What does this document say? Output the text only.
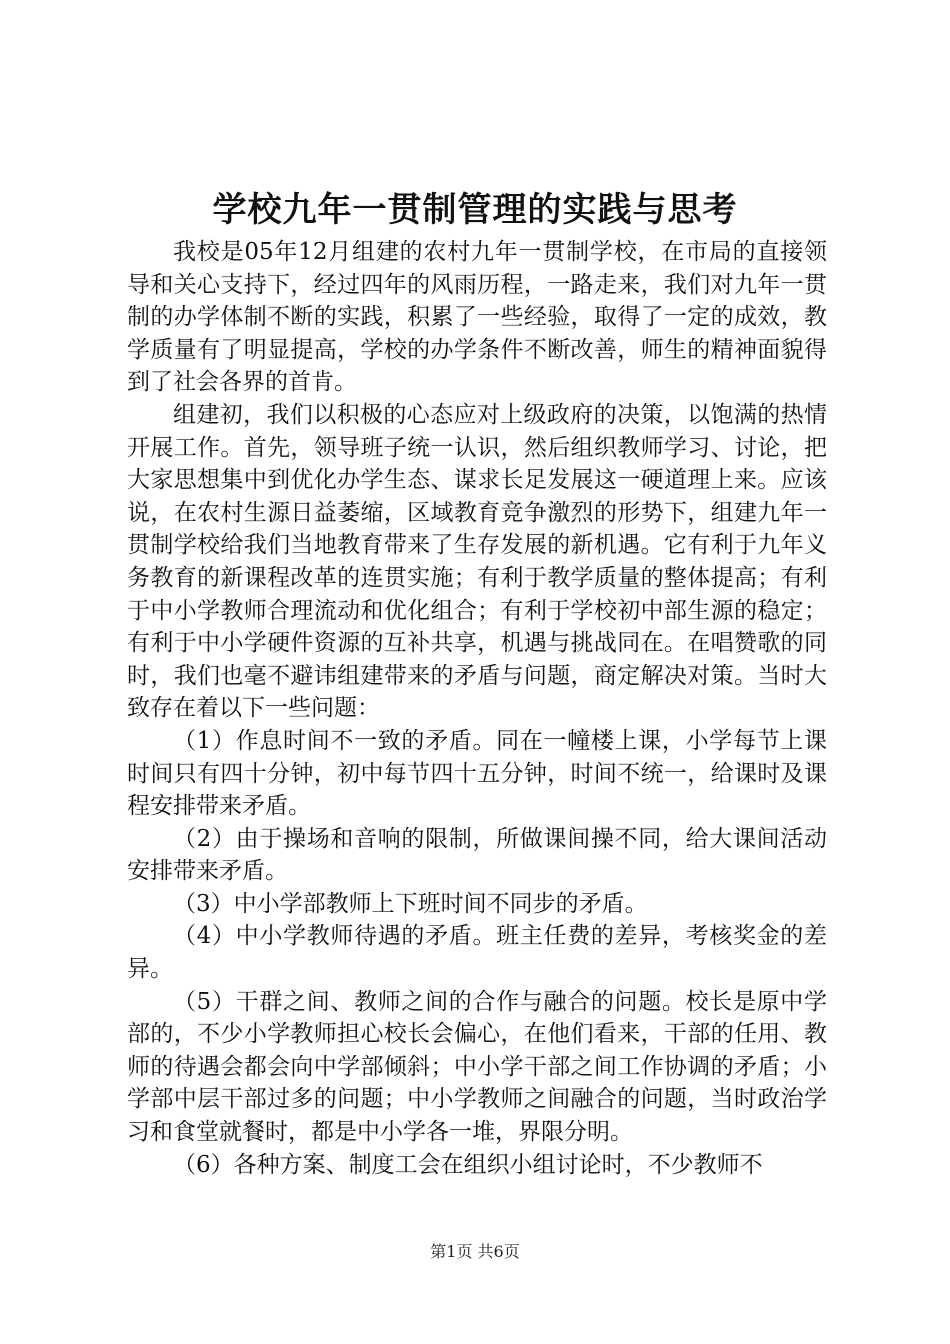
学校九年一贯制管理的实践与思考

我校是05年12月组建的农村九年一贯制学校，在市局的直接领导和关心支持下，经过四年的风雨历程，一路走来，我们对九年一贯制的办学体制不断的实践，积累了一些经验，取得了一定的成效，教学质量有了明显提高，学校的办学条件不断改善，师生的精神面貌得到了社会各界的首肯。

组建初，我们以积极的心态应对上级政府的决策，以饱满的热情开展工作。首先，领导班子统一认识，然后组织教师学习、讨论，把大家思想集中到优化办学生态、谋求长足发展这一硬道理上来。应该说，在农村生源日益萎缩，区域教育竞争激烈的形势下，组建九年一贯制学校给我们当地教育带来了生存发展的新机遇。它有利于九年义务教育的新课程改革的连贯实施；有利于教学质量的整体提高；有利于中小学教师合理流动和优化组合；有利于学校初中部生源的稳定；有利于中小学硬件资源的互补共享，机遇与挑战同在。在唱赞歌的同时，我们也毫不避讳组建带来的矛盾与问题，商定解决对策。当时大致存在着以下一些问题：

（1）作息时间不一致的矛盾。同在一幢楼上课，小学每节上课时间只有四十分钟，初中每节四十五分钟，时间不统一，给课时及课程安排带来矛盾。

（2）由于操场和音响的限制，所做课间操不同，给大课间活动安排带来矛盾。

（3）中小学部教师上下班时间不同步的矛盾。

（4）中小学教师待遇的矛盾。班主任费的差异，考核奖金的差异。

（5）干群之间、教师之间的合作与融合的问题。校长是原中学部的，不少小学教师担心校长会偏心，在他们看来，干部的任用、教师的待遇会都会向中学部倾斜；中小学干部之间工作协调的矛盾；小学部中层干部过多的问题；中小学教师之间融合的问题，当时政治学习和食堂就餐时，都是中小学各一堆，界限分明。

（6）各种方案、制度工会在组织小组讨论时，不少教师不

第1页 共6页
